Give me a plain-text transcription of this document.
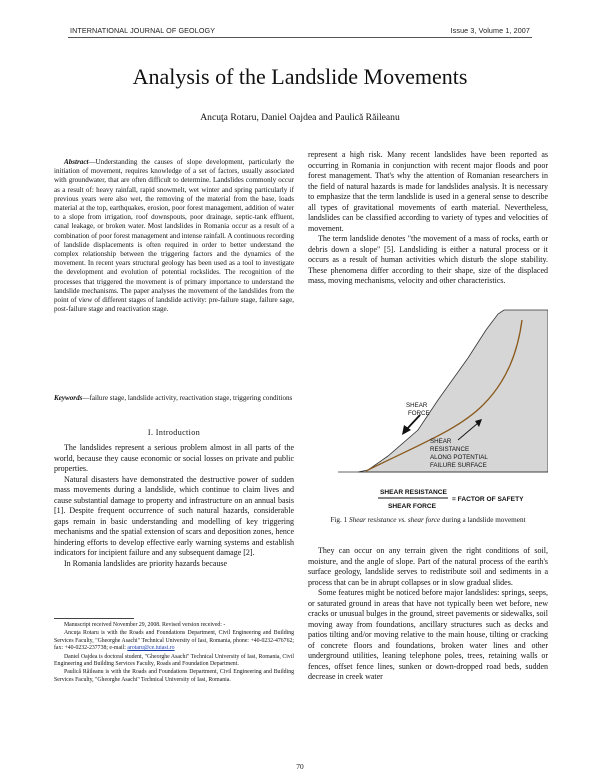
INTERNATIONAL JOURNAL OF GEOLOGY	Issue 3, Volume 1, 2007
Analysis of the Landslide Movements
Ancuţa Rotaru, Daniel Oajdea and Paulică Răileanu

Abstract—Understanding the causes of slope development, particularly the initiation of movement, requires knowledge of a set of factors, usually associated with groundwater, that are often difficult to determine. Landslides commonly occur as a result of: heavy rainfall, rapid snowmelt, wet winter and spring particularly if previous years were also wet, the removing of the material from the base, loads material at the top, earthquakes, erosion, poor forest management, addition of water to a slope from irrigation, roof downspouts, poor drainage, septic-tank effluent, canal leakage, or broken water. Most landslides in Romania occur as a result of a combination of poor forest management and intense rainfall. A continuous recording of landslide displacements is often required in order to better understand the complex relationship between the triggering factors and the dynamics of the movement. In recent years structural geology has been used as a tool to investigate the development and evolution of potential rockslides. The recognition of the processes that triggered the movement is of primary importance to understand the landslide mechanisms. The paper analyses the movement of the landslides from the point of view of different stages of landslide activity: pre-failure stage, failure sage, post-failure stage and reactivation stage.

Keywords—failure stage, landslide activity, reactivation stage, triggering conditions

I. Introduction

The landslides represent a serious problem almost in all parts of the world, because they cause economic or social losses on private and public properties.

Natural disasters have demonstrated the destructive power of sudden mass movements during a landslide, which continue to claim lives and cause substantial damage to property and infrastructure on an annual basis [1]. Despite frequent occurrence of such natural hazards, considerable gaps remain in basic understanding and modelling of key triggering mechanisms and the spatial extension of scars and deposition zones, hence hindering efforts to develop effective early warning systems and establish indicators for incipient failure and any subsequent damage [2].

In Romania landslides are priority hazards because

Manuscript received November 29, 2008. Revised version received: -

Ancuţa Rotaru is with the Roads and Foundations Department, Civil Engineering and Building Services Faculty, "Gheorghe Asachi" Technical University of Iasi, Romania, phone: +40-0232-476762; fax: +40-0232-237738; e-mail: arotaru@ce.tuiasi.ro

Daniel Oajdea is doctoral student, "Gheorghe Asachi" Technical University of Iasi, Romania, Civil Engineering and Building Services Faculty, Roads and Foundation Department.

Paulică Răileanu is with the Roads and Foundations Department, Civil Engineering and Building Services Faculty, "Gheorghe Asachi" Technical University of Iasi, Romania.

represent a high risk. Many recent landslides have been reported as occurring in Romania in conjunction with recent major floods and poor forest management. That's why the attention of Romanian researchers in the field of natural hazards is made for landslides analysis. It is necessary to emphasize that the term landslide is used in a general sense to describe all types of gravitational movements of earth material. Nevertheless, landslides can be classified according to variety of types and velocities of movement.

The term landslide denotes "the movement of a mass of rocks, earth or debris down a slope" [5]. Landsliding is either a natural process or it occurs as a result of human activities which disturb the slope stability. These phenomena differ according to their shape, size of the displaced mass, moving mechanisms, velocity and other characteristics.

SHEAR
FORCE
SHEAR
RESISTANCE
ALONG POTENTIAL
FAILURE SURFACE
SHEAR RESISTANCE
SHEAR FORCE
= FACTOR OF SAFETY
Fig. 1 Shear resistance vs. shear force during a landslide movement

They can occur on any terrain given the right conditions of soil, moisture, and the angle of slope. Part of the natural process of the earth's surface geology, landslide serves to redistribute soil and sediments in a process that can be in abrupt collapses or in slow gradual slides.

Some features might be noticed before major landslides: springs, seeps, or saturated ground in areas that have not typically been wet before, new cracks or unusual bulges in the ground, street pavements or sidewalks, soil moving away from foundations, ancillary structures such as decks and patios tilting and/or moving relative to the main house, tilting or cracking of concrete floors and foundations, broken water lines and other underground utilities, leaning telephone poles, trees, retaining walls or fences, offset fence lines, sunken or down-dropped road beds, sudden decrease in creek water

70
